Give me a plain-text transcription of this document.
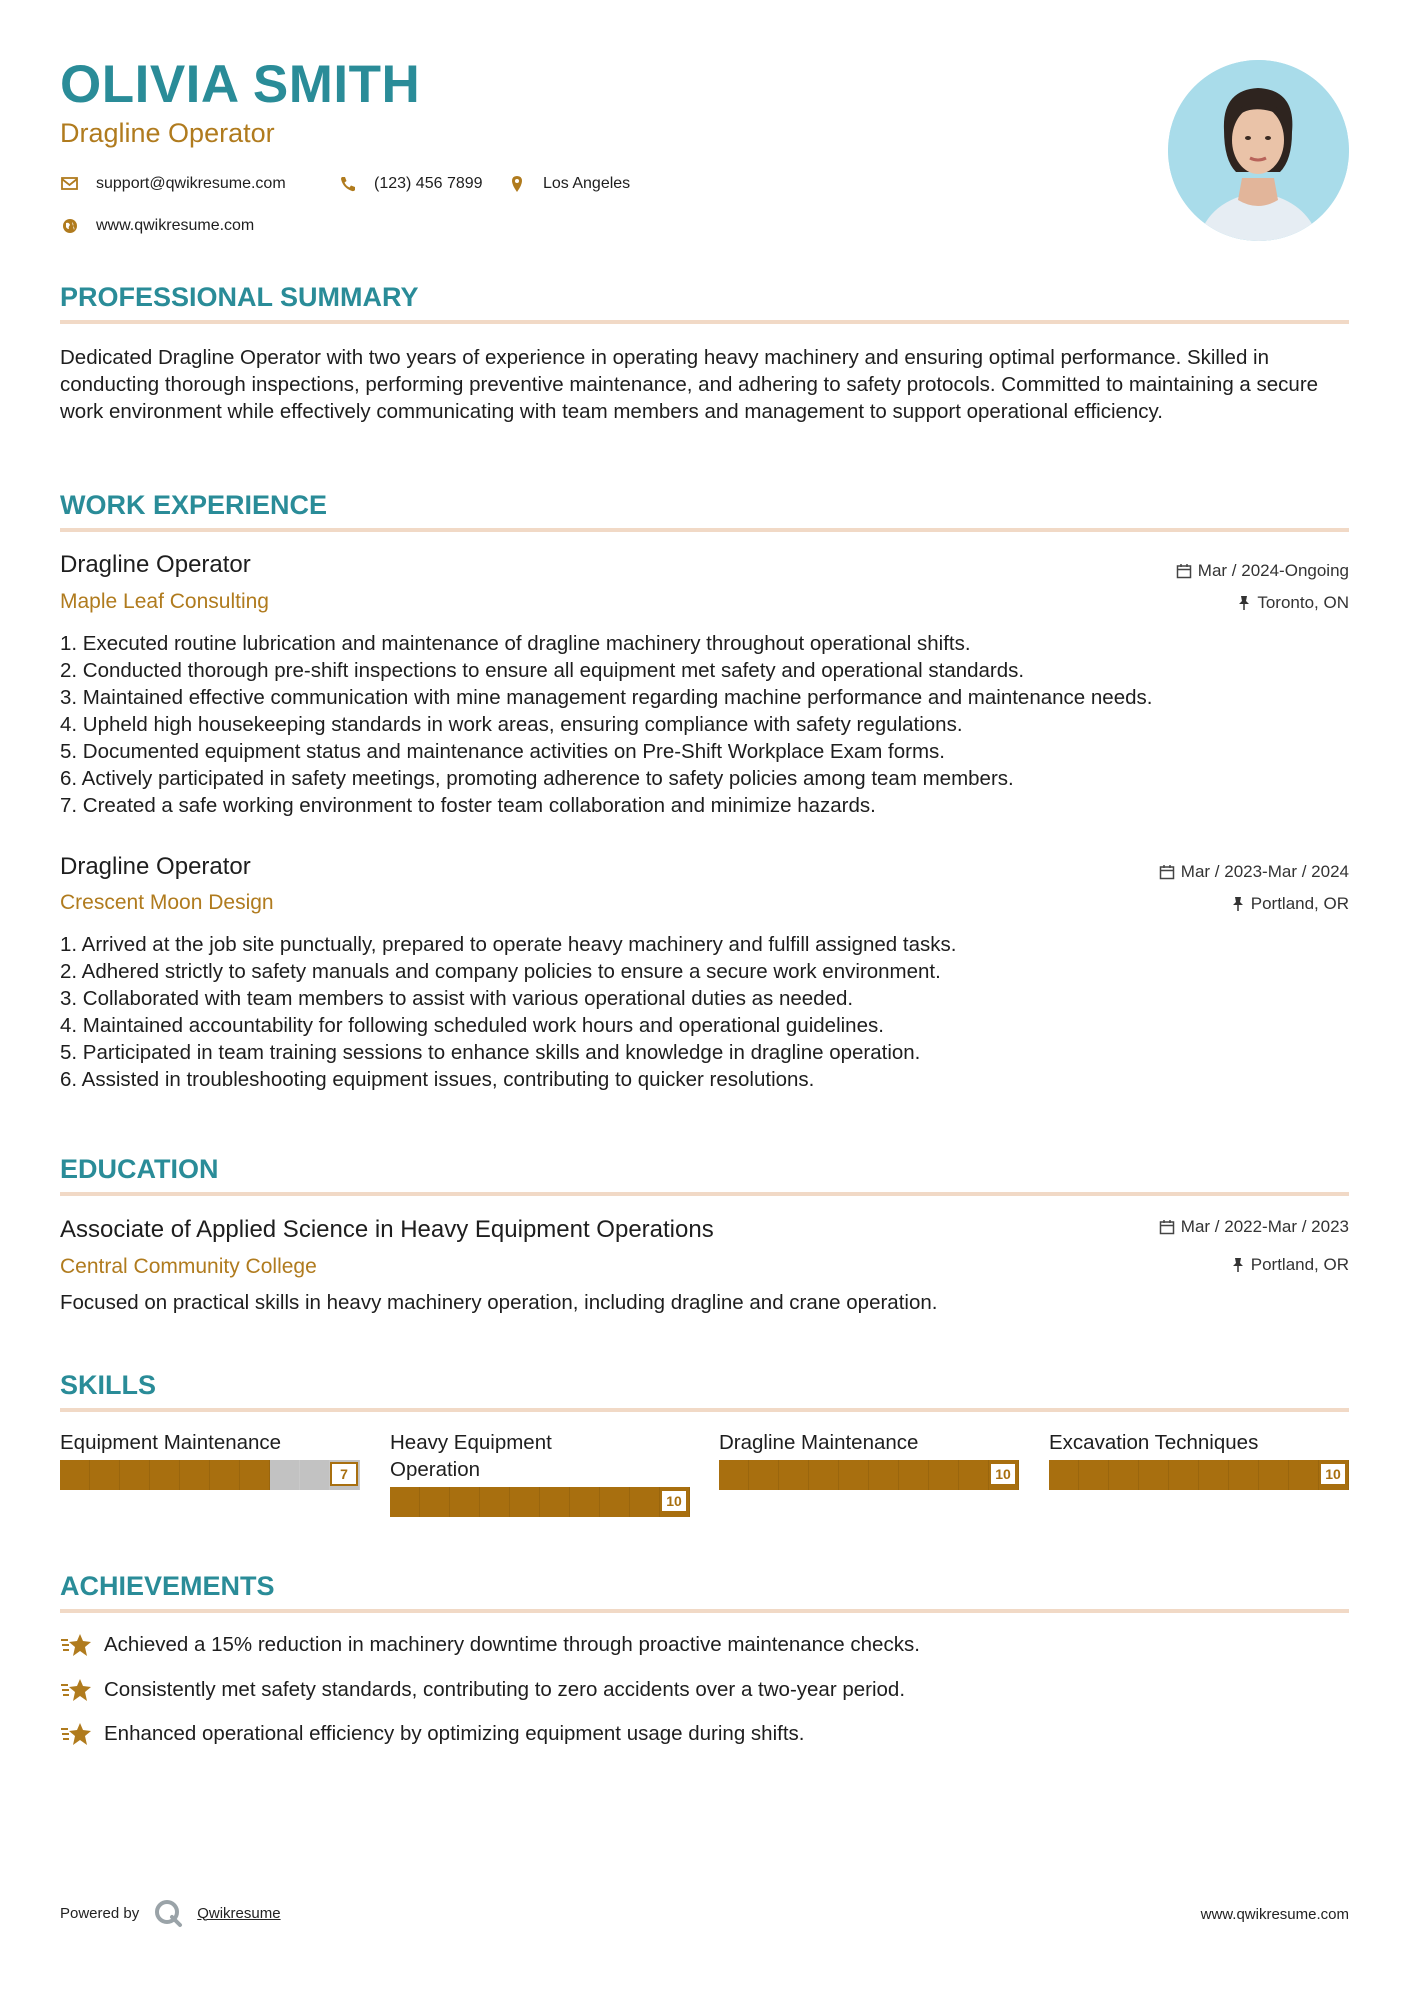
OLIVIA SMITH
Dragline Operator
support@qwikresume.com	(123) 456 7899	Los Angeles
www.qwikresume.com
PROFESSIONAL SUMMARY

Dedicated Dragline Operator with two years of experience in operating heavy machinery and ensuring optimal performance. Skilled in conducting thorough inspections, performing preventive maintenance, and adhering to safety protocols. Committed to maintaining a secure work environment while effectively communicating with team members and management to support operational efficiency.

WORK EXPERIENCE
Dragline Operator
Maple Leaf Consulting
Mar / 2024-Ongoing
Toronto, ON
1. Executed routine lubrication and maintenance of dragline machinery throughout operational shifts.
2. Conducted thorough pre-shift inspections to ensure all equipment met safety and operational standards.
3. Maintained effective communication with mine management regarding machine performance and maintenance needs.
4. Upheld high housekeeping standards in work areas, ensuring compliance with safety regulations.
5. Documented equipment status and maintenance activities on Pre-Shift Workplace Exam forms.
6. Actively participated in safety meetings, promoting adherence to safety policies among team members.
7. Created a safe working environment to foster team collaboration and minimize hazards.
Dragline Operator
Crescent Moon Design
Mar / 2023-Mar / 2024
Portland, OR
1. Arrived at the job site punctually, prepared to operate heavy machinery and fulfill assigned tasks.
2. Adhered strictly to safety manuals and company policies to ensure a secure work environment.
3. Collaborated with team members to assist with various operational duties as needed.
4. Maintained accountability for following scheduled work hours and operational guidelines.
5. Participated in team training sessions to enhance skills and knowledge in dragline operation.
6. Assisted in troubleshooting equipment issues, contributing to quicker resolutions.
EDUCATION
Associate of Applied Science in Heavy Equipment Operations
Central Community College
Mar / 2022-Mar / 2023
Portland, OR

Focused on practical skills in heavy machinery operation, including dragline and crane operation.

SKILLS
Equipment Maintenance
7
Heavy Equipment Operation
10
Dragline Maintenance
10
Excavation Techniques
10
ACHIEVEMENTS
Achieved a 15% reduction in machinery downtime through proactive maintenance checks.
Consistently met safety standards, contributing to zero accidents over a two-year period.
Enhanced operational efficiency by optimizing equipment usage during shifts.
Powered by	Qwikresume	www.qwikresume.com
